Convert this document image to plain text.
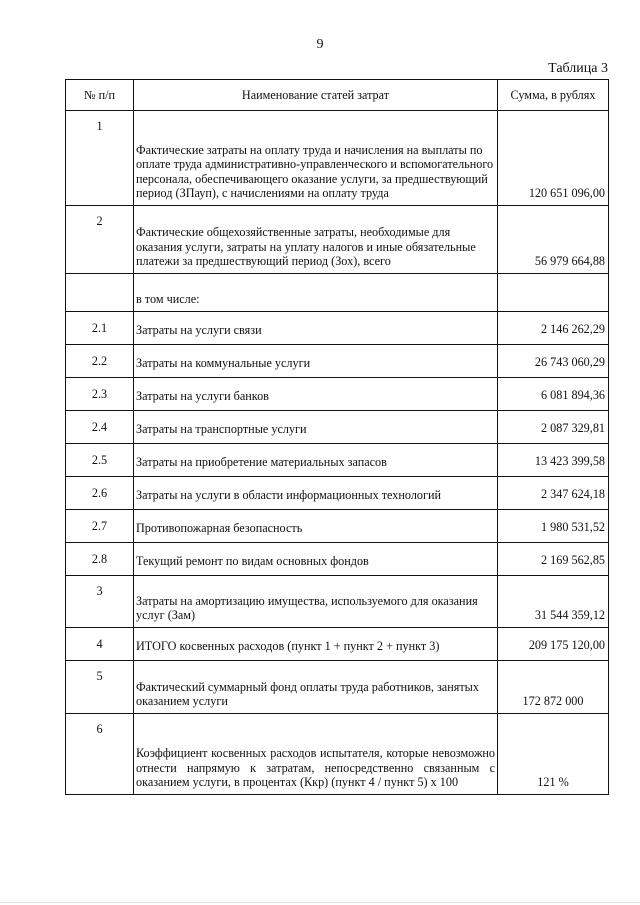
9
Таблица 3
№ п/п	Наименование статей затрат	Сумма, в рублях
1	Фактические затраты на оплату труда и начисления на выплаты по оплате труда административно-управленческого и вспомогательного персонала, обеспечивающего оказание услуги, за предшествующий период (ЗПауп), с начислениями на оплату труда	120 651 096,00
2	Фактические общехозяйственные затраты, необходимые для оказания услуги, затраты на уплату налогов и иные обязательные платежи за предшествующий период (Зох), всего	56 979 664,88
	в том числе:	
2.1	Затраты на услуги связи	2 146 262,29
2.2	Затраты на коммунальные услуги	26 743 060,29
2.3	Затраты на услуги банков	6 081 894,36
2.4	Затраты на транспортные услуги	2 087 329,81
2.5	Затраты на приобретение материальных запасов	13 423 399,58
2.6	Затраты на услуги в области информационных технологий	2 347 624,18
2.7	Противопожарная безопасность	1 980 531,52
2.8	Текущий ремонт по видам основных фондов	2 169 562,85
3	Затраты на амортизацию имущества, используемого для оказания услуг (Зам)	31 544 359,12
4	ИТОГО косвенных расходов (пункт 1 + пункт 2 + пункт 3)	209 175 120,00
5	Фактический суммарный фонд оплаты труда работников, занятых оказанием услуги	172 872 000
6	Коэффициент косвенных расходов испытателя, которые невозможно отнести напрямую к затратам, непосредственно связанным с оказанием услуги, в процентах (Ккр) (пункт 4 / пункт 5) х 100	121 %
